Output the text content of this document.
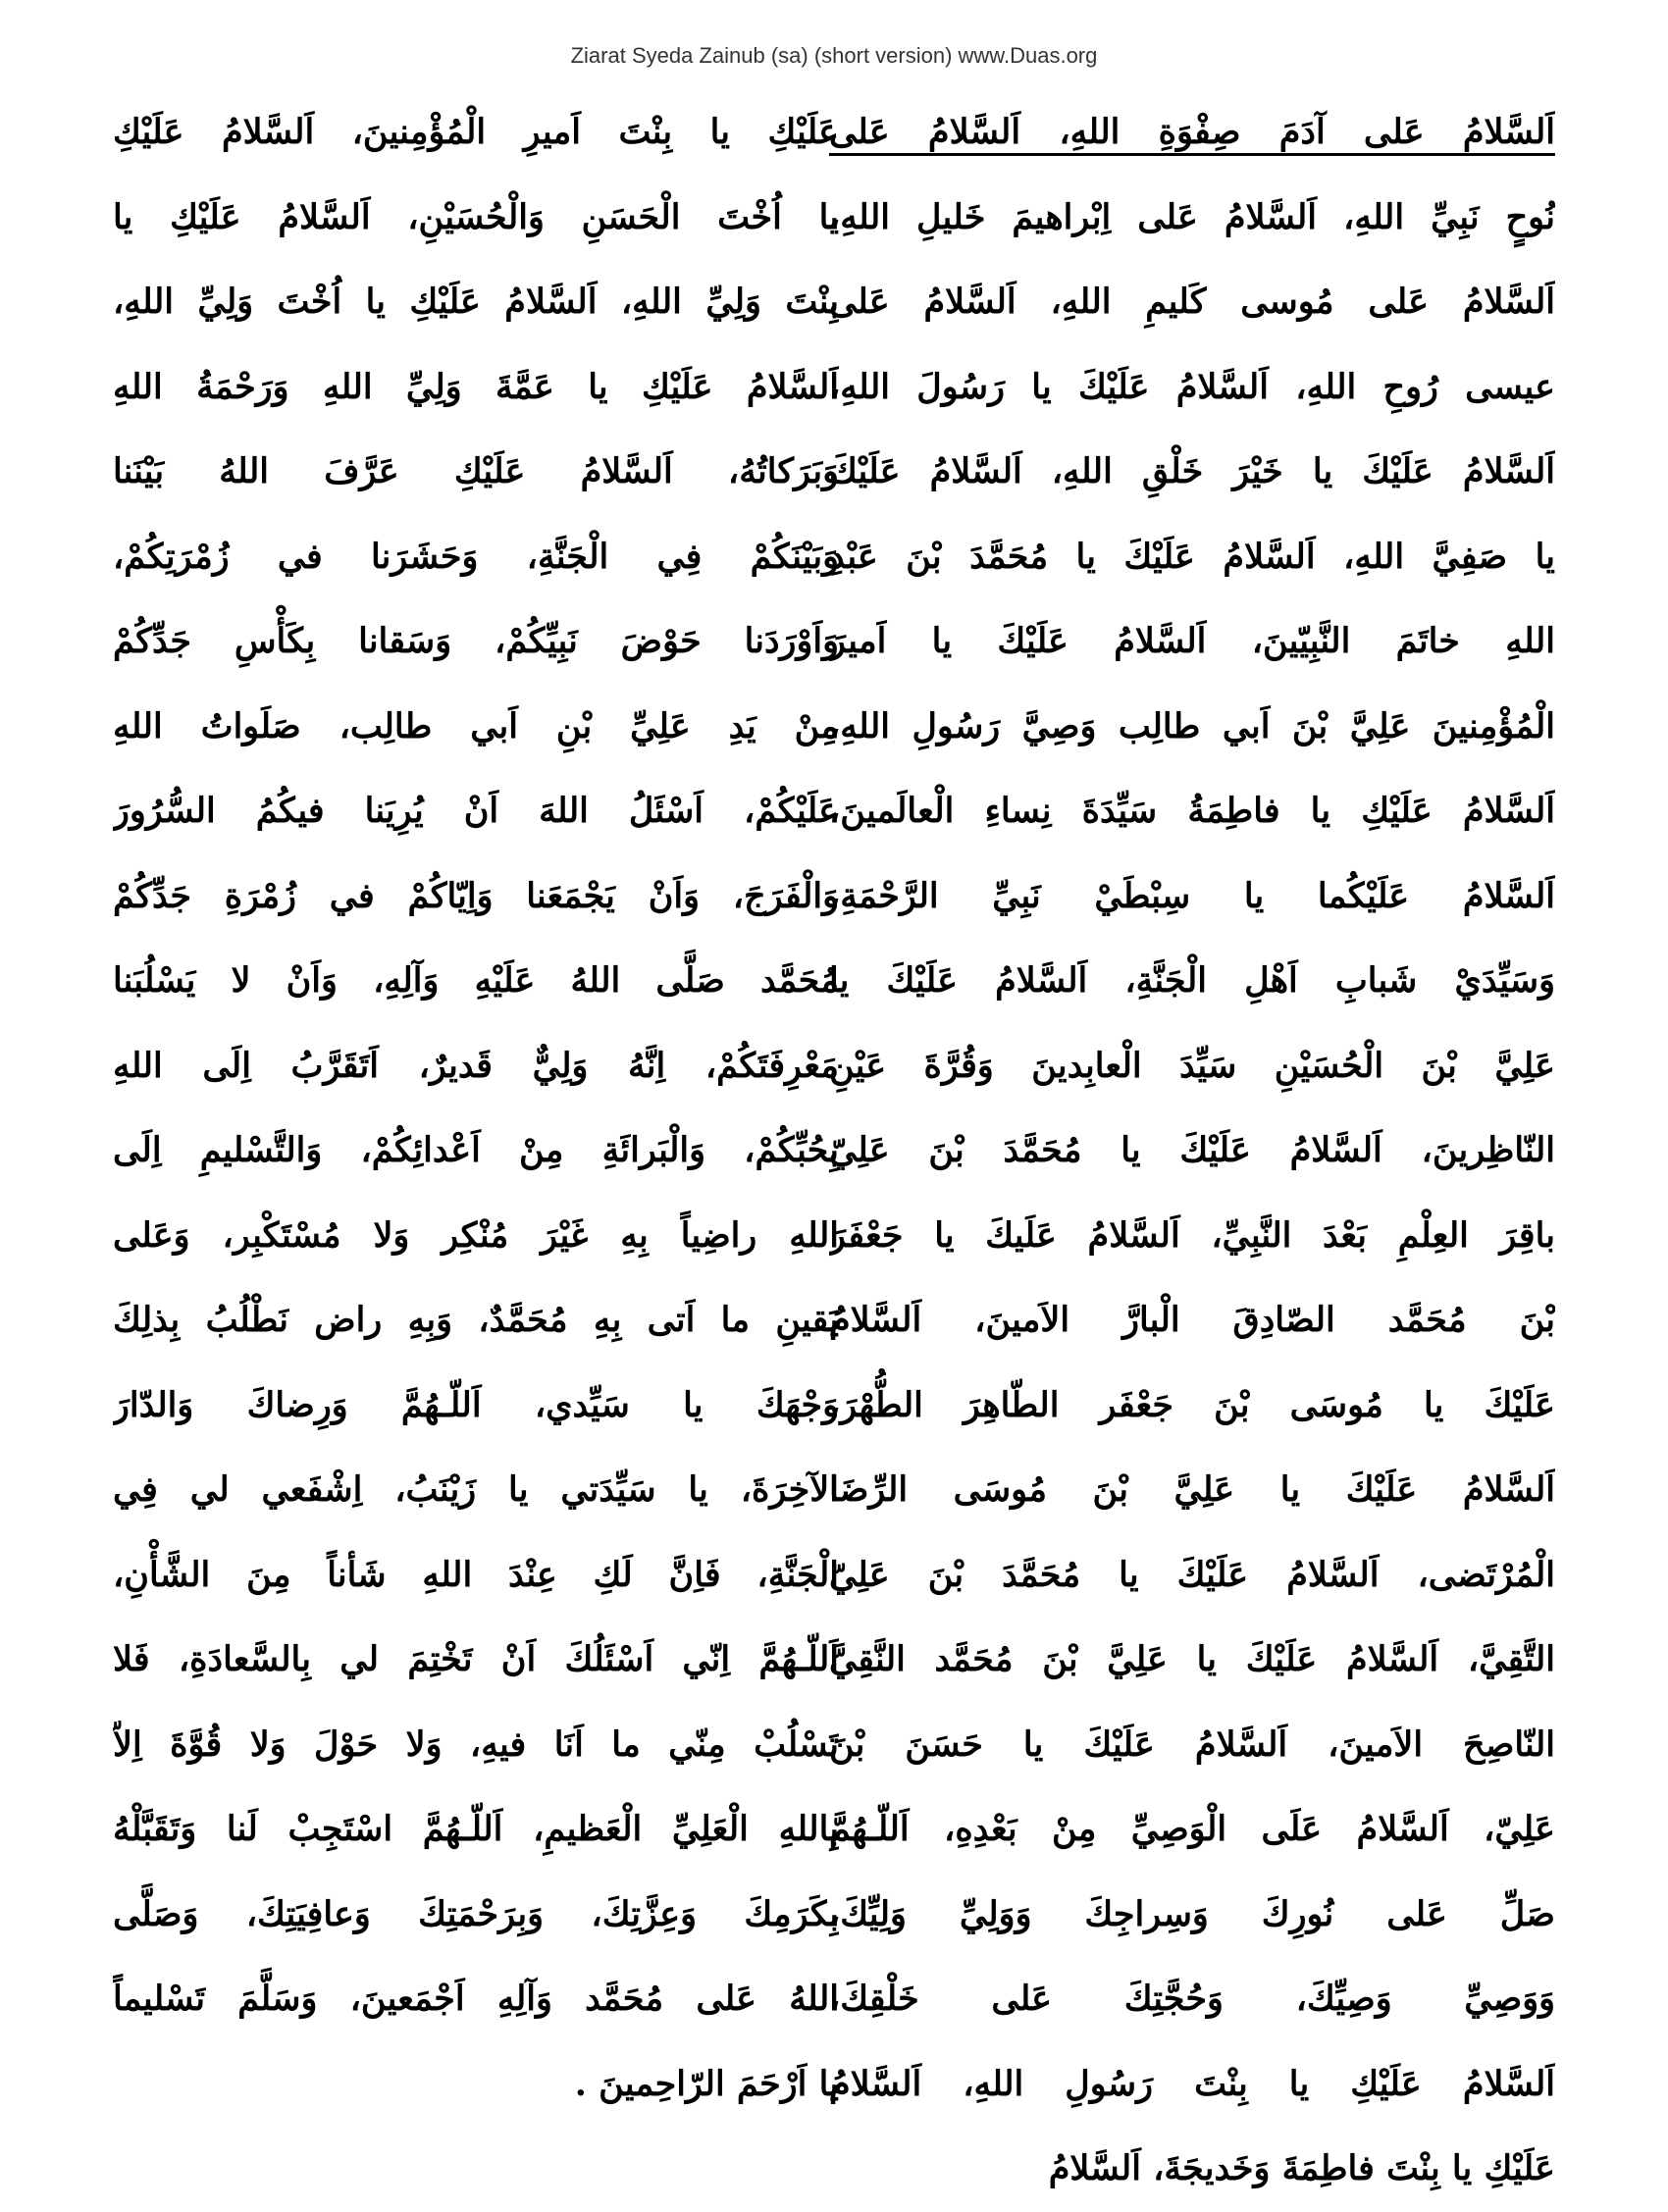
Ziarat Syeda Zainub (sa) (short version) www.Duas.org
اَلسَّلامُ عَلى آدَمَ صِفْوَةِ اللهِ، اَلسَّلامُ عَلى
نُوحٍ نَبِيِّ اللهِ، اَلسَّلامُ عَلى اِبْراهيمَ خَليلِ اللهِ،
اَلسَّلامُ عَلى مُوسى كَليمِ اللهِ، اَلسَّلامُ عَلى
عيسى رُوحِ اللهِ، اَلسَّلامُ عَلَيْكَ يا رَسُولَ اللهِ،
اَلسَّلامُ عَلَيْكَ يا خَيْرَ خَلْقِ اللهِ، اَلسَّلامُ عَلَيْكَ
يا صَفِيَّ اللهِ، اَلسَّلامُ عَلَيْكَ يا مُحَمَّدَ بْنَ عَبْدِ
اللهِ خاتَمَ النَّبِيّينَ، اَلسَّلامُ عَلَيْكَ يا اَميرَ
الْمُؤْمِنينَ عَلِيَّ بْنَ اَبي طالِب وَصِيَّ رَسُولِ اللهِ،
اَلسَّلامُ عَلَيْكِ يا فاطِمَةُ سَيِّدَةَ نِساءِ الْعالَمينَ،
اَلسَّلامُ عَلَيْكُما يا سِبْطَيْ نَبِيِّ الرَّحْمَةِ،
وَسَيِّدَيْ شَبابِ اَهْلِ الْجَنَّةِ، اَلسَّلامُ عَلَيْكَ يا
عَلِيَّ بْنَ الْحُسَيْنِ سَيِّدَ الْعابِدينَ وَقُرَّةَ عَيْنِ
النّاظِرينَ، اَلسَّلامُ عَلَيْكَ يا مُحَمَّدَ بْنَ عَلِيّ
باقِرَ العِلْمِ بَعْدَ النَّبِيِّ، اَلسَّلامُ عَلَيكَ يا جَعْفَرَ
بْنَ مُحَمَّد الصّادِقَ الْبارَّ الاَمينَ، اَلسَّلامُ
عَلَيْكَ يا مُوسَى بْنَ جَعْفَر الطّاهِرَ الطُّهْرَ،
اَلسَّلامُ عَلَيْكَ يا عَلِيَّ بْنَ مُوسَى الرِّضَا
الْمُرْتَضى، اَلسَّلامُ عَلَيْكَ يا مُحَمَّدَ بْنَ عَلِيّ
التَّقِيَّ، اَلسَّلامُ عَلَيْكَ يا عَلِيَّ بْنَ مُحَمَّد النَّقِيَّ
النّاصِحَ الاَمينَ، اَلسَّلامُ عَلَيْكَ يا حَسَنَ بْنَ
عَلِيّ، اَلسَّلامُ عَلَى الْوَصِيِّ مِنْ بَعْدِهِ، اَللّـهُمَّ
صَلِّ عَلى نُورِكَ وَسِراجِكَ وَوَلِيِّ وَلِيِّكَ،
وَوَصِيِّ وَصِيِّكَ، وَحُجَّتِكَ عَلى خَلْقِكَ،
اَلسَّلامُ عَلَيْكِ يا بِنْتَ رَسُولِ اللهِ، اَلسَّلامُ
عَلَيْكِ يا بِنْتَ فاطِمَةَ وَخَديجَةَ، اَلسَّلامُ
عَلَيْكِ يا بِنْتَ اَميرِ الْمُؤْمِنينَ، اَلسَّلامُ عَلَيْكِ
يا اُخْتَ الْحَسَنِ وَالْحُسَيْنِ، اَلسَّلامُ عَلَيْكِ يا
بِنْتَ وَلِيِّ اللهِ، اَلسَّلامُ عَلَيْكِ يا اُخْتَ وَلِيِّ اللهِ،
اَلسَّلامُ عَلَيْكِ يا عَمَّةَ وَلِيِّ اللهِ وَرَحْمَةُ اللهِ
وَبَرَكاتُهُ، اَلسَّلامُ عَلَيْكِ عَرَّفَ اللهُ بَيْنَنا
وَبَيْنَكُمْ فِي الْجَنَّةِ، وَحَشَرَنا في زُمْرَتِكُمْ،
وَاَوْرَدَنا حَوْضَ نَبِيِّكُمْ، وَسَقانا بِكَأْسِ جَدِّكُمْ
مِنْ يَدِ عَلِيِّ بْنِ اَبي طالِب، صَلَواتُ اللهِ
عَلَيْكُمْ، اَسْئَلُ اللهَ اَنْ يُرِيَنا فيكُمُ السُّرُورَ
وَالْفَرَجَ، وَاَنْ يَجْمَعَنا وَاِيّاكُمْ في زُمْرَةِ جَدِّكُمْ
مُحَمَّد صَلَّى اللهُ عَلَيْهِ وَآلِهِ، وَاَنْ لا يَسْلُبَنا
مَعْرِفَتَكُمْ، اِنَّهُ وَلِيٌّ قَديرٌ، اَتَقَرَّبُ اِلَى اللهِ
بِحُبِّكُمْ، وَالْبَرائَةِ مِنْ اَعْدائِكُمْ، وَالتَّسْليمِ اِلَى
اللهِ راضِياً بِهِ غَيْرَ مُنْكِر وَلا مُسْتَكْبِر، وَعَلى
يَقينِ ما اَتى بِهِ مُحَمَّدٌ، وَبِهِ راض نَطْلُبُ بِذلِكَ
وَجْهَكَ يا سَيِّدي، اَللّـهُمَّ وَرِضاكَ وَالدّارَ
الآخِرَةَ، يا سَيِّدَتي يا زَيْنَبُ، اِشْفَعي لي فِي
الْجَنَّةِ، فَاِنَّ لَكِ عِنْدَ اللهِ شَأناً مِنَ الشَّأْنِ،
اَللّـهُمَّ اِنّي اَسْئَلُكَ اَنْ تَخْتِمَ لي بِالسَّعادَةِ، فَلا
تَسْلُبْ مِنّي ما اَنَا فيهِ، وَلا حَوْلَ وَلا قُوَّةَ اِلاّ
بِاللهِ الْعَلِيِّ الْعَظيمِ، اَللّـهُمَّ اسْتَجِبْ لَنا وَتَقَبَّلْهُ
بِكَرَمِكَ وَعِزَّتِكَ، وَبِرَحْمَتِكَ وَعافِيَتِكَ، وَصَلَّى
اللهُ عَلى مُحَمَّد وَآلِهِ اَجْمَعينَ، وَسَلَّمَ تَسْليماً
يا اَرْحَمَ الرّاحِمينَ .
